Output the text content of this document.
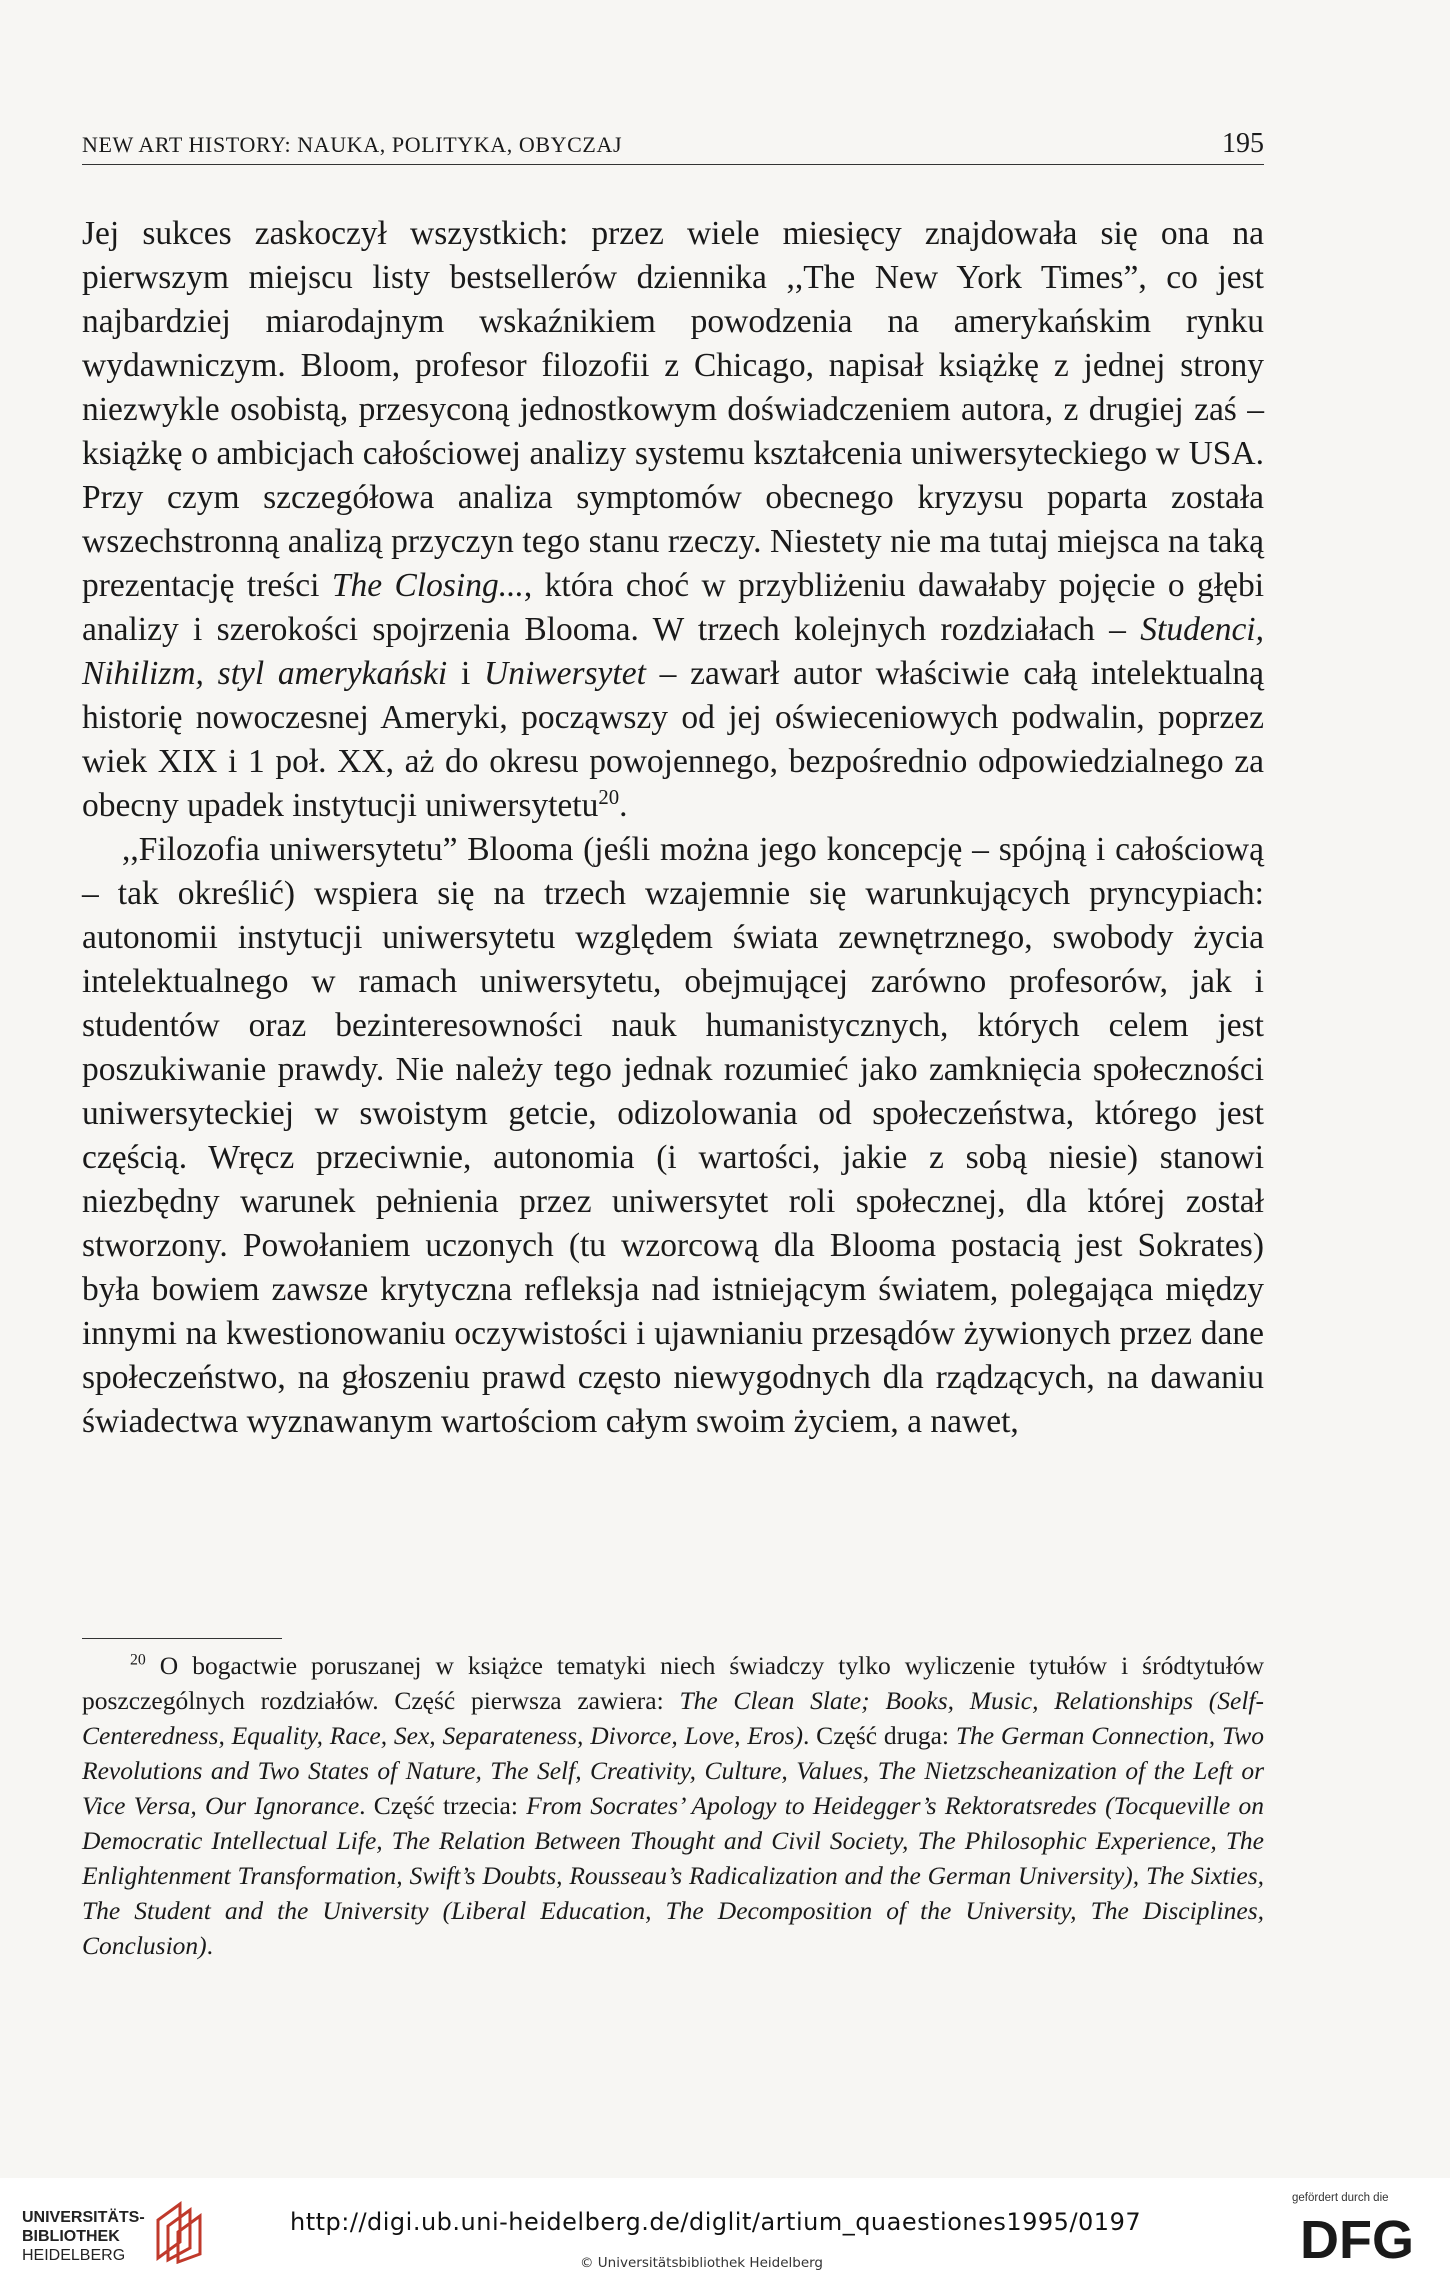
NEW ART HISTORY: NAUKA, POLITYKA, OBYCZAJ	195

Jej sukces zaskoczył wszystkich: przez wiele miesięcy znajdowała się ona na pierwszym miejscu listy bestsellerów dziennika ,,The New York Times”, co jest najbardziej miarodajnym wskaźnikiem powodzenia na amerykańskim rynku wydawniczym. Bloom, profesor filozofii z Chicago, napisał książkę z jednej strony niezwykle osobistą, przesyconą jednostkowym doświadczeniem autora, z drugiej zaś – książkę o ambicjach całościowej analizy systemu kształcenia uniwersyteckiego w USA. Przy czym szczegółowa analiza symptomów obecnego kryzysu poparta została wszechstronną analizą przyczyn tego stanu rzeczy. Niestety nie ma tutaj miejsca na taką prezentację treści The Closing..., która choć w przybliżeniu dawałaby pojęcie o głębi analizy i szerokości spojrzenia Blooma. W trzech kolejnych rozdziałach – Studenci, Nihilizm, styl amerykański i Uniwersytet – zawarł autor właściwie całą intelektualną historię nowoczesnej Ameryki, począwszy od jej oświeceniowych podwalin, poprzez wiek XIX i 1 poł. XX, aż do okresu powojennego, bezpośrednio odpowiedzialnego za obecny upadek instytucji uniwersytetu$^{20}$.

,,Filozofia uniwersytetu” Blooma (jeśli można jego koncepcję – spójną i całościową – tak określić) wspiera się na trzech wzajemnie się warunkujących pryncypiach: autonomii instytucji uniwersytetu względem świata zewnętrznego, swobody życia intelektualnego w ramach uniwersytetu, obejmującej zarówno profesorów, jak i studentów oraz bezinteresowności nauk humanistycznych, których celem jest poszukiwanie prawdy. Nie należy tego jednak rozumieć jako zamknięcia społeczności uniwersyteckiej w swoistym getcie, odizolowania od społeczeństwa, którego jest częścią. Wręcz przeciwnie, autonomia (i wartości, jakie z sobą niesie) stanowi niezbędny warunek pełnienia przez uniwersytet roli społecznej, dla której został stworzony. Powołaniem uczonych (tu wzorcową dla Blooma postacią jest Sokrates) była bowiem zawsze krytyczna refleksja nad istniejącym światem, polegająca między innymi na kwestionowaniu oczywistości i ujawnianiu przesądów żywionych przez dane społeczeństwo, na głoszeniu prawd często niewygodnych dla rządzących, na dawaniu świadectwa wyznawanym wartościom całym swoim życiem, a nawet,

$^{20}$ O bogactwie poruszanej w książce tematyki niech świadczy tylko wyliczenie tytułów i śródtytułów poszczególnych rozdziałów. Część pierwsza zawiera: The Clean Slate; Books, Music, Relationships (Self-Centeredness, Equality, Race, Sex, Separateness, Divorce, Love, Eros). Część druga: The German Connection, Two Revolutions and Two States of Nature, The Self, Creativity, Culture, Values, The Nietzscheanization of the Left or Vice Versa, Our Ignorance. Część trzecia: From Socrates’ Apology to Heidegger’s Rektoratsredes (Tocqueville on Democratic Intellectual Life, The Relation Between Thought and Civil Society, The Philosophic Experience, The Enlightenment Transformation, Swift’s Doubts, Rousseau’s Radicalization and the German University), The Sixties, The Student and the University (Liberal Education, The Decomposition of the University, The Disciplines, Conclusion).

UNIVERSITÄTS-
BIBLIOTHEK
HEIDELBERG
http://digi.ub.uni-heidelberg.de/diglit/artium_quaestiones1995/0197
© Universitätsbibliothek Heidelberg
gefördert durch die
DFG
